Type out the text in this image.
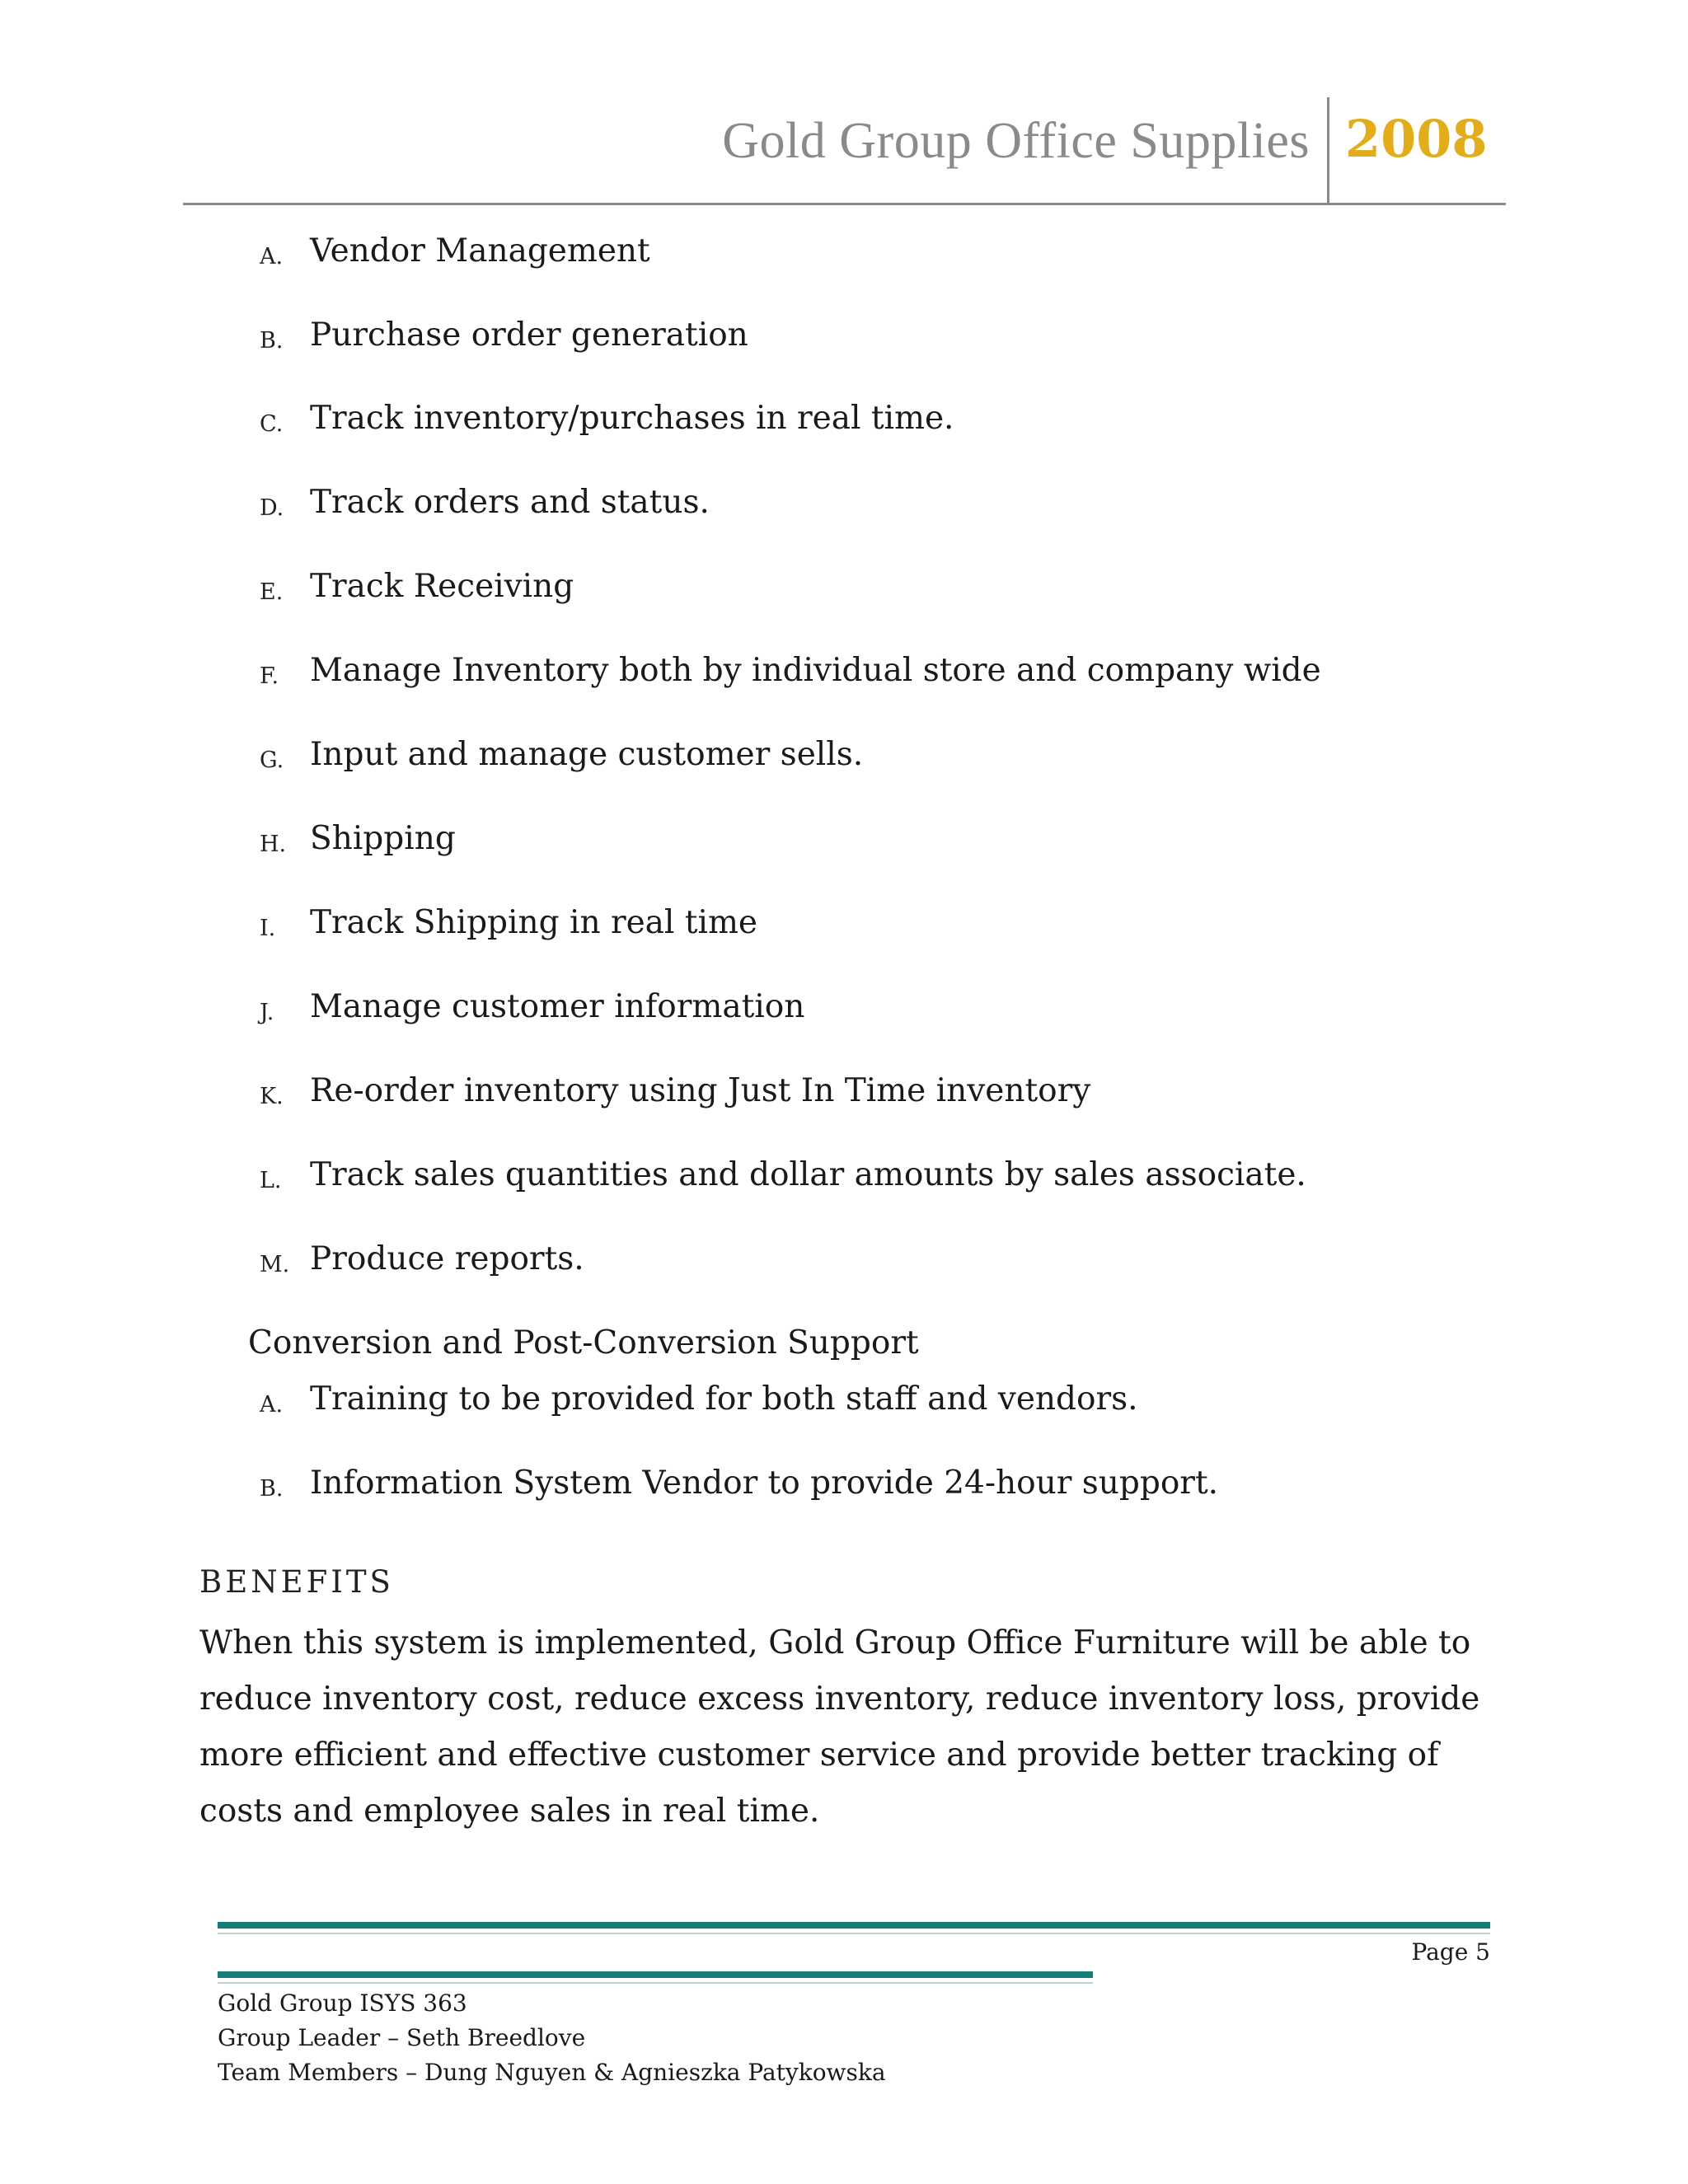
Gold Group Office Supplies 2008
A. Vendor Management
B. Purchase order generation
C. Track inventory/purchases in real time.
D. Track orders and status.
E. Track Receiving
F. Manage Inventory both by individual store and company wide
G. Input and manage customer sells.
H. Shipping
I. Track Shipping in real time
J. Manage customer information
K. Re-order inventory using Just In Time inventory
L. Track sales quantities and dollar amounts by sales associate.
M. Produce reports.
Conversion and Post-Conversion Support
A. Training to be provided for both staff and vendors.
B. Information System Vendor to provide 24-hour support.
BENEFITS

When this system is implemented, Gold Group Office Furniture will be able to reduce inventory cost, reduce excess inventory, reduce inventory loss, provide more efficient and effective customer service and provide better tracking of costs and employee sales in real time.

Page 5
Gold Group ISYS 363
Group Leader – Seth Breedlove
Team Members – Dung Nguyen & Agnieszka Patykowska
